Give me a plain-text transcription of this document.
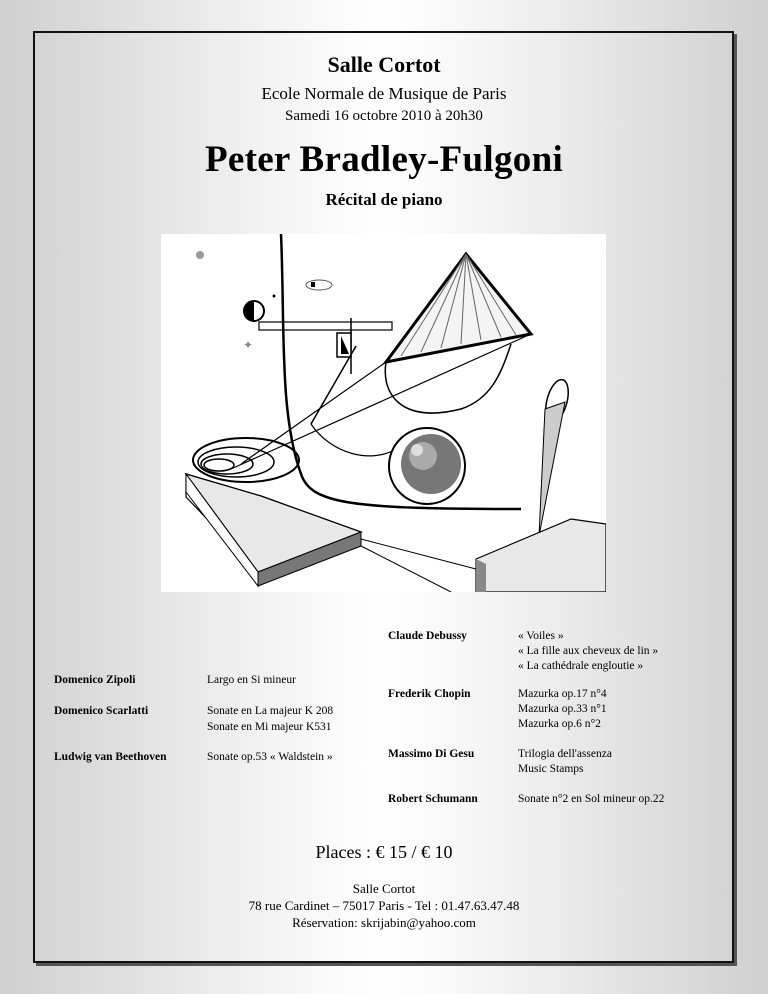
Salle Cortot
Ecole Normale de Musique de Paris
Samedi 16 octobre 2010 à 20h30
Peter Bradley-Fulgoni
Récital de piano
✦
Domenico Zipoli	Largo en Si mineur
Domenico Scarlatti	Sonate en La majeur K 208
Sonate en Mi majeur K531
Ludwig van Beethoven	Sonate op.53 « Waldstein »
Claude Debussy	« Voiles »
« La fille aux cheveux de lin »
« La cathédrale engloutie »
Frederik Chopin	Mazurka op.17 n°4
Mazurka op.33 n°1
Mazurka op.6 n°2
Massimo Di Gesu	Trilogia dell'assenza
Music Stamps
Robert Schumann	Sonate n°2 en Sol mineur op.22
Places : € 15 / € 10
Salle Cortot
78 rue Cardinet – 75017 Paris - Tel : 01.47.63.47.48
Réservation: skrijabin@yahoo.com
